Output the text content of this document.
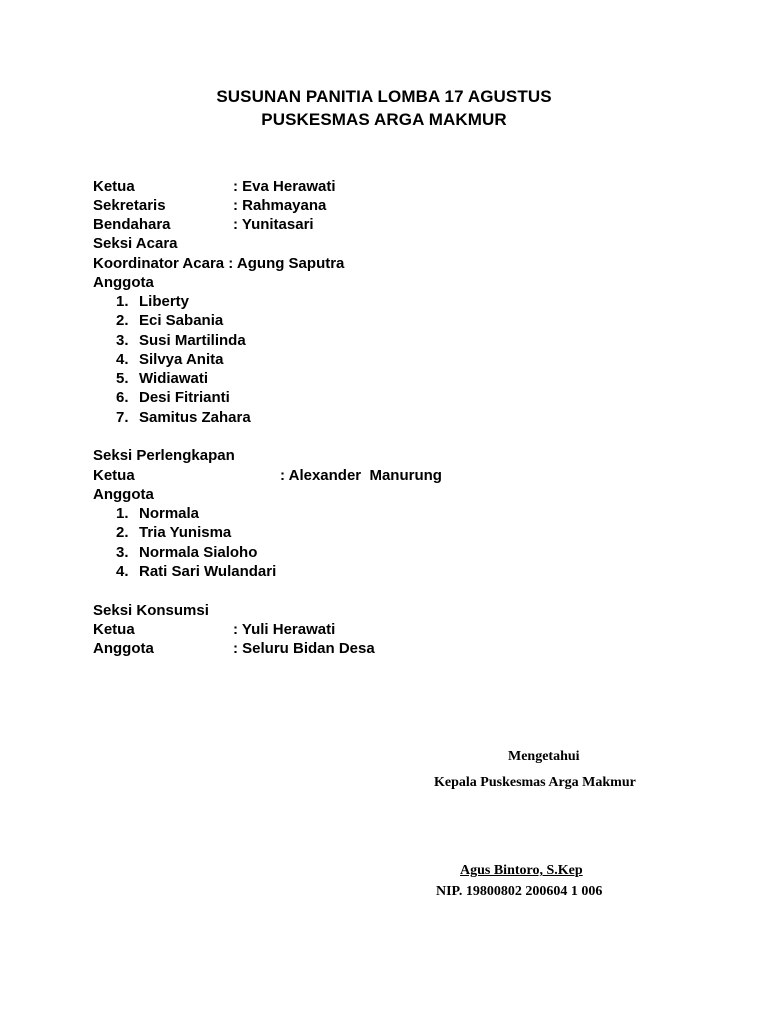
SUSUNAN PANITIA LOMBA 17 AGUSTUS
PUSKESMAS ARGA MAKMUR
Ketua	: Eva Herawati
Sekretaris	: Rahmayana
Bendahara	: Yunitasari
Seksi Acara
Koordinator Acara : Agung Saputra
Anggota
1. Liberty
2. Eci Sabania
3. Susi Martilinda
4. Silvya Anita
5. Widiawati
6. Desi Fitrianti
7. Samitus Zahara
Seksi Perlengkapan
Ketua	: Alexander  Manurung
Anggota
1. Normala
2. Tria Yunisma
3. Normala Sialoho
4. Rati Sari Wulandari
Seksi Konsumsi
Ketua	: Yuli Herawati
Anggota	: Seluru Bidan Desa
Mengetahui
Kepala Puskesmas Arga Makmur
Agus Bintoro, S.Kep
NIP. 19800802 200604 1 006
